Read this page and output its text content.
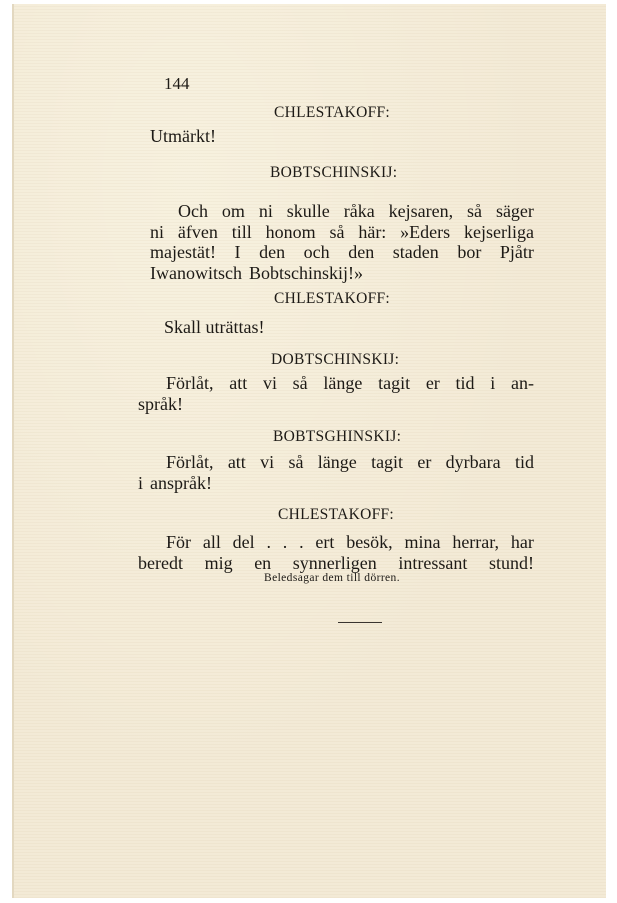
144
CHLESTAKOFF:
Utmärkt!
BOBTSCHINSKIJ:
Och om ni skulle råka kejsaren, så säger
ni äfven till honom så här: »Eders kejserliga
majestät! I den och den staden bor Pjåtr
Iwanowitsch Bobtschinskij!»
CHLESTAKOFF:
Skall uträttas!
DOBTSCHINSKIJ:
Förlåt, att vi så länge tagit er tid i an-
språk!
BOBTSGHINSKIJ:
Förlåt, att vi så länge tagit er dyrbara tid
i anspråk!
CHLESTAKOFF:
För all del . . . ert besök, mina herrar, har
beredt mig en synnerligen intressant stund!
Beledsagar dem till dörren.
